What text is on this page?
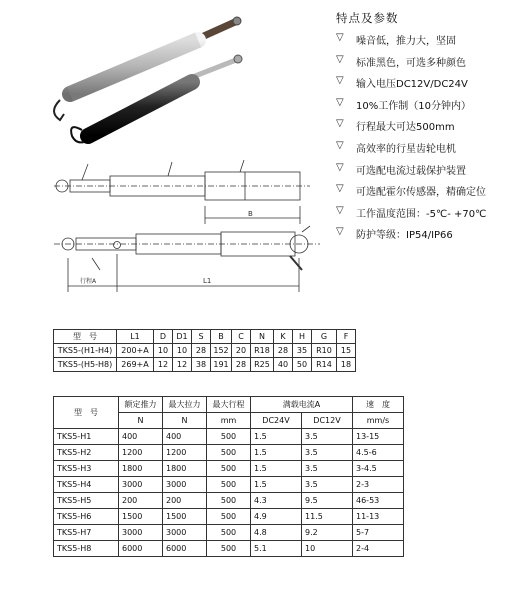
B
L1
行程A
特点及参数
▽	噪音低，推力大，坚固
▽	标准黑色，可选多种颜色
▽	输入电压DC12V/DC24V
▽	10%工作制（10分钟内）
▽	行程最大可达500mm
▽	高效率的行星齿轮电机
▽	可选配电流过载保护装置
▽	可选配霍尔传感器，精确定位
▽	工作温度范围：-5℃- +70℃
▽	防护等级：IP54/IP66
型　号	L1	D	D1	S	B	C	N	K	H	G	F
TKS5-(H1-H4)	200+A	10	10	28	152	20	R18	28	35	R10	15
TKS5-(H5-H8)	269+A	12	12	38	191	28	R25	40	50	R14	18
型　号	额定推力	最大拉力	最大行程	满载电流A		速　度
	N	N	mm	DC24V	DC12V	mm/s
TKS5-H1	400	400	500	1.5	3.5	13-15
TKS5-H2	1200	1200	500	1.5	3.5	4.5-6
TKS5-H3	1800	1800	500	1.5	3.5	3-4.5
TKS5-H4	3000	3000	500	1.5	3.5	2-3
TKS5-H5	200	200	500	4.3	9.5	46-53
TKS5-H6	1500	1500	500	4.9	11.5	11-13
TKS5-H7	3000	3000	500	4.8	9.2	5-7
TKS5-H8	6000	6000	500	5.1	10	2-4
